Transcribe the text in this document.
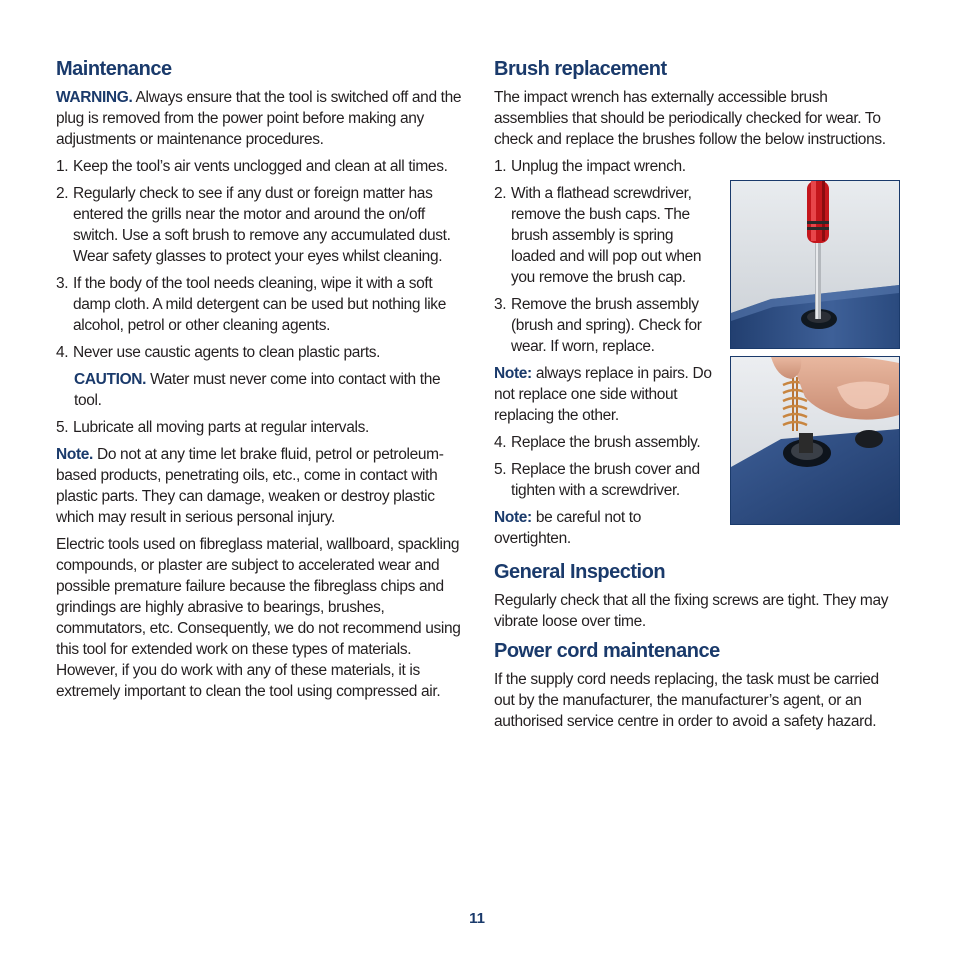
Maintenance

WARNING. Always ensure that the tool is switched off and the plug is removed from the power point before making any adjustments or maintenance procedures.

1. Keep the tool’s air vents unclogged and clean at all times.
2. Regularly check to see if any dust or foreign matter has entered the grills near the motor and around the on/off switch. Use a soft brush to remove any accumulated dust. Wear safety glasses to protect your eyes whilst cleaning.
3. If the body of the tool needs cleaning, wipe it with a soft damp cloth. A mild detergent can be used but nothing like alcohol, petrol or other cleaning agents.
4. Never use caustic agents to clean plastic parts.

CAUTION. Water must never come into contact with the tool.

5. Lubricate all moving parts at regular intervals.

Note. Do not at any time let brake fluid, petrol or petroleum-based products, penetrating oils, etc., come in contact with plastic parts. They can damage, weaken or destroy plastic which may result in serious personal injury.

Electric tools used on fibreglass material, wallboard, spackling compounds, or plaster are subject to accelerated wear and possible premature failure because the fibreglass chips and grindings are highly abrasive to bearings, brushes, commutators, etc. Consequently, we do not recommend using this tool for extended work on these types of materials. However, if you do work with any of these materials, it is extremely important to clean the tool using compressed air.

Brush replacement

The impact wrench has externally accessible brush assemblies that should be periodically checked for wear. To check and replace the brushes follow the below instructions.

1. Unplug the impact wrench.
2. With a flathead screwdriver, remove the bush caps. The brush assembly is spring loaded and will pop out when you remove the brush cap.
3. Remove the brush assembly (brush and spring). Check for wear. If worn, replace.

Note: always replace in pairs. Do not replace one side without replacing the other.

4. Replace the brush assembly.
5. Replace the brush cover and tighten with a screwdriver.

Note: be careful not to overtighten.

General Inspection

Regularly check that all the fixing screws are tight. They may vibrate loose over time.

Power cord maintenance

If the supply cord needs replacing, the task must be carried out by the manufacturer, the manufacturer’s agent, or an authorised service centre in order to avoid a safety hazard.

11
